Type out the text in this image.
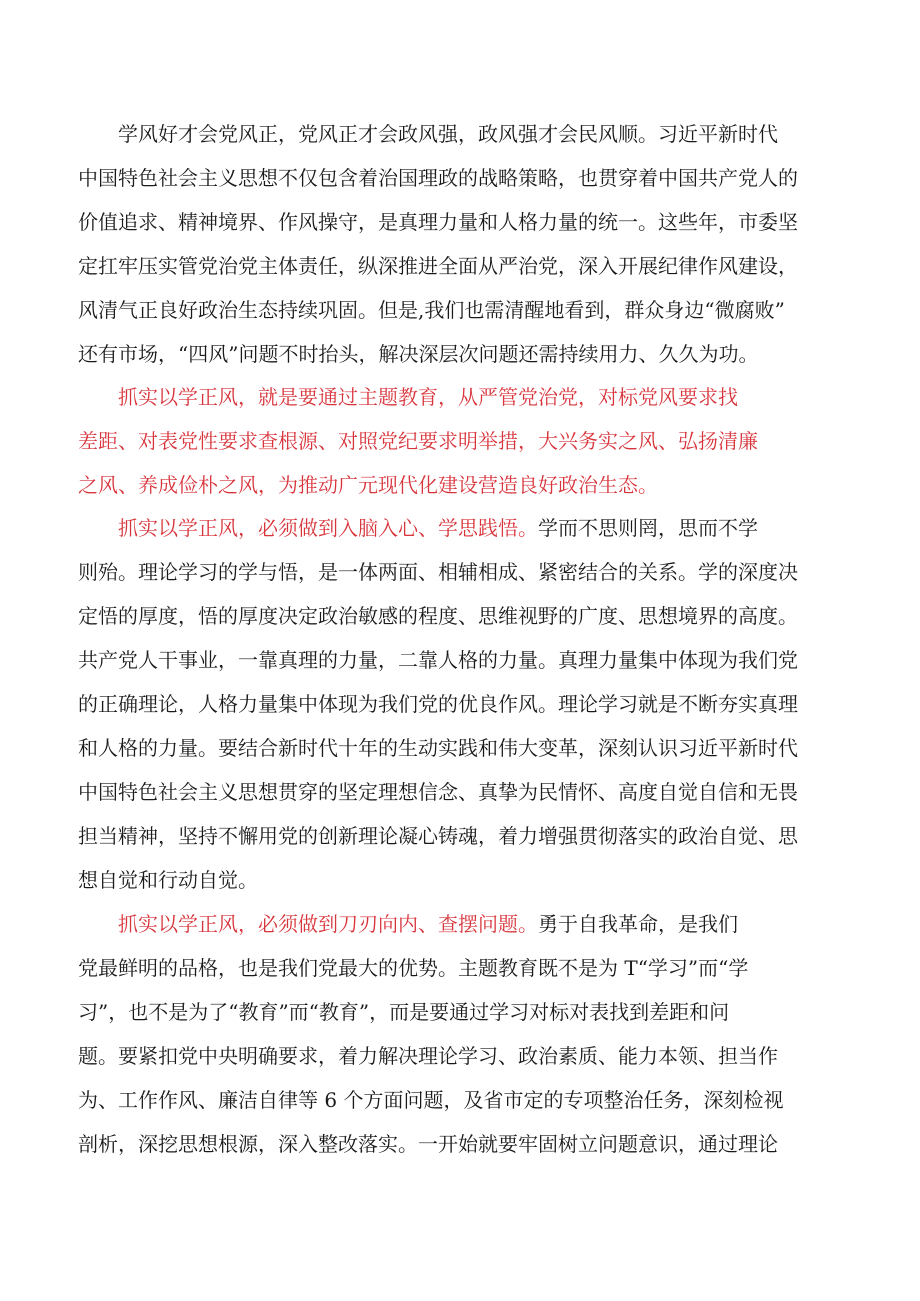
　　学风好才会党风正，党风正才会政风强，政风强才会民风顺。习近平新时代
中国特色社会主义思想不仅包含着治国理政的战略策略，也贯穿着中国共产党人的
价值追求、精神境界、作风操守，是真理力量和人格力量的统一。这些年，市委坚
定扛牢压实管党治党主体责任，纵深推进全面从严治党，深入开展纪律作风建设，
风清气正良好政治生态持续巩固。但是,我们也需清醒地看到，群众身边“微腐败”
还有市场，“四风”问题不时抬头，解决深层次问题还需持续用力、久久为功。
　　抓实以学正风，就是要通过主题教育，从严管党治党，对标党风要求找
差距、对表党性要求查根源、对照党纪要求明举措，大兴务实之风、弘扬清廉
之风、养成俭朴之风，为推动广元现代化建设营造良好政治生态。
　　抓实以学正风，必须做到入脑入心、学思践悟。学而不思则罔，思而不学
则殆。理论学习的学与悟，是一体两面、相辅相成、紧密结合的关系。学的深度决
定悟的厚度，悟的厚度决定政治敏感的程度、思维视野的广度、思想境界的高度。
共产党人干事业，一靠真理的力量，二靠人格的力量。真理力量集中体现为我们党
的正确理论，人格力量集中体现为我们党的优良作风。理论学习就是不断夯实真理
和人格的力量。要结合新时代十年的生动实践和伟大变革，深刻认识习近平新时代
中国特色社会主义思想贯穿的坚定理想信念、真挚为民情怀、高度自觉自信和无畏
担当精神，坚持不懈用党的创新理论凝心铸魂，着力增强贯彻落实的政治自觉、思
想自觉和行动自觉。
　　抓实以学正风，必须做到刀刃向内、查摆问题。勇于自我革命，是我们
党最鲜明的品格，也是我们党最大的优势。主题教育既不是为 T“学习”而“学
习”，也不是为了“教育”而“教育”，而是要通过学习对标对表找到差距和问
题。要紧扣党中央明确要求，着力解决理论学习、政治素质、能力本领、担当作
为、工作作风、廉洁自律等 6 个方面问题，及省市定的专项整治任务，深刻检视
剖析，深挖思想根源，深入整改落实。一开始就要牢固树立问题意识，通过理论
